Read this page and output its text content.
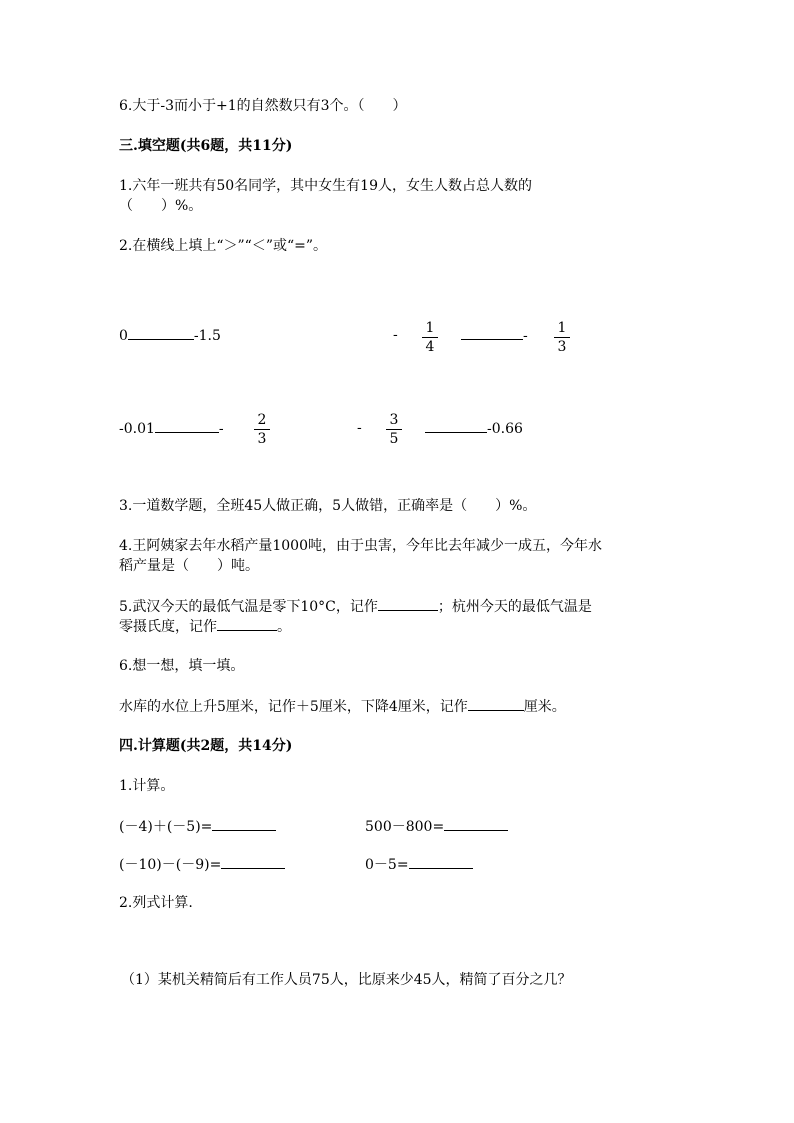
6.大于-3而小于+1的自然数只有3个。（　　）
三.填空题(共6题，共11分)
1.六年一班共有50名同学，其中女生有19人，女生人数占总人数的
（　　）%。
2.在横线上填上“＞”“＜”或“=”。
0	-1.5	- 1
4
- 1
3
-0.01	-
2
3
- 3
5
-0.66
3.一道数学题，全班45人做正确，5人做错，正确率是（　　）%。
4.王阿姨家去年水稻产量1000吨，由于虫害，今年比去年减少一成五，今年水
稻产量是（　　）吨。
5.武汉今天的最低气温是零下10°C，记作	；杭州今天的最低气温是
零摄氏度，记作	。
6.想一想，填一填。
水库的水位上升5厘米，记作＋5厘米，下降4厘米，记作	厘米。
四.计算题(共2题，共14分)
1.计算。
(－4)＋(－5)=	500－800=
(－10)－(－9)=	0－5=
2.列式计算.
（1）某机关精简后有工作人员75人，比原来少45人，精简了百分之几？
